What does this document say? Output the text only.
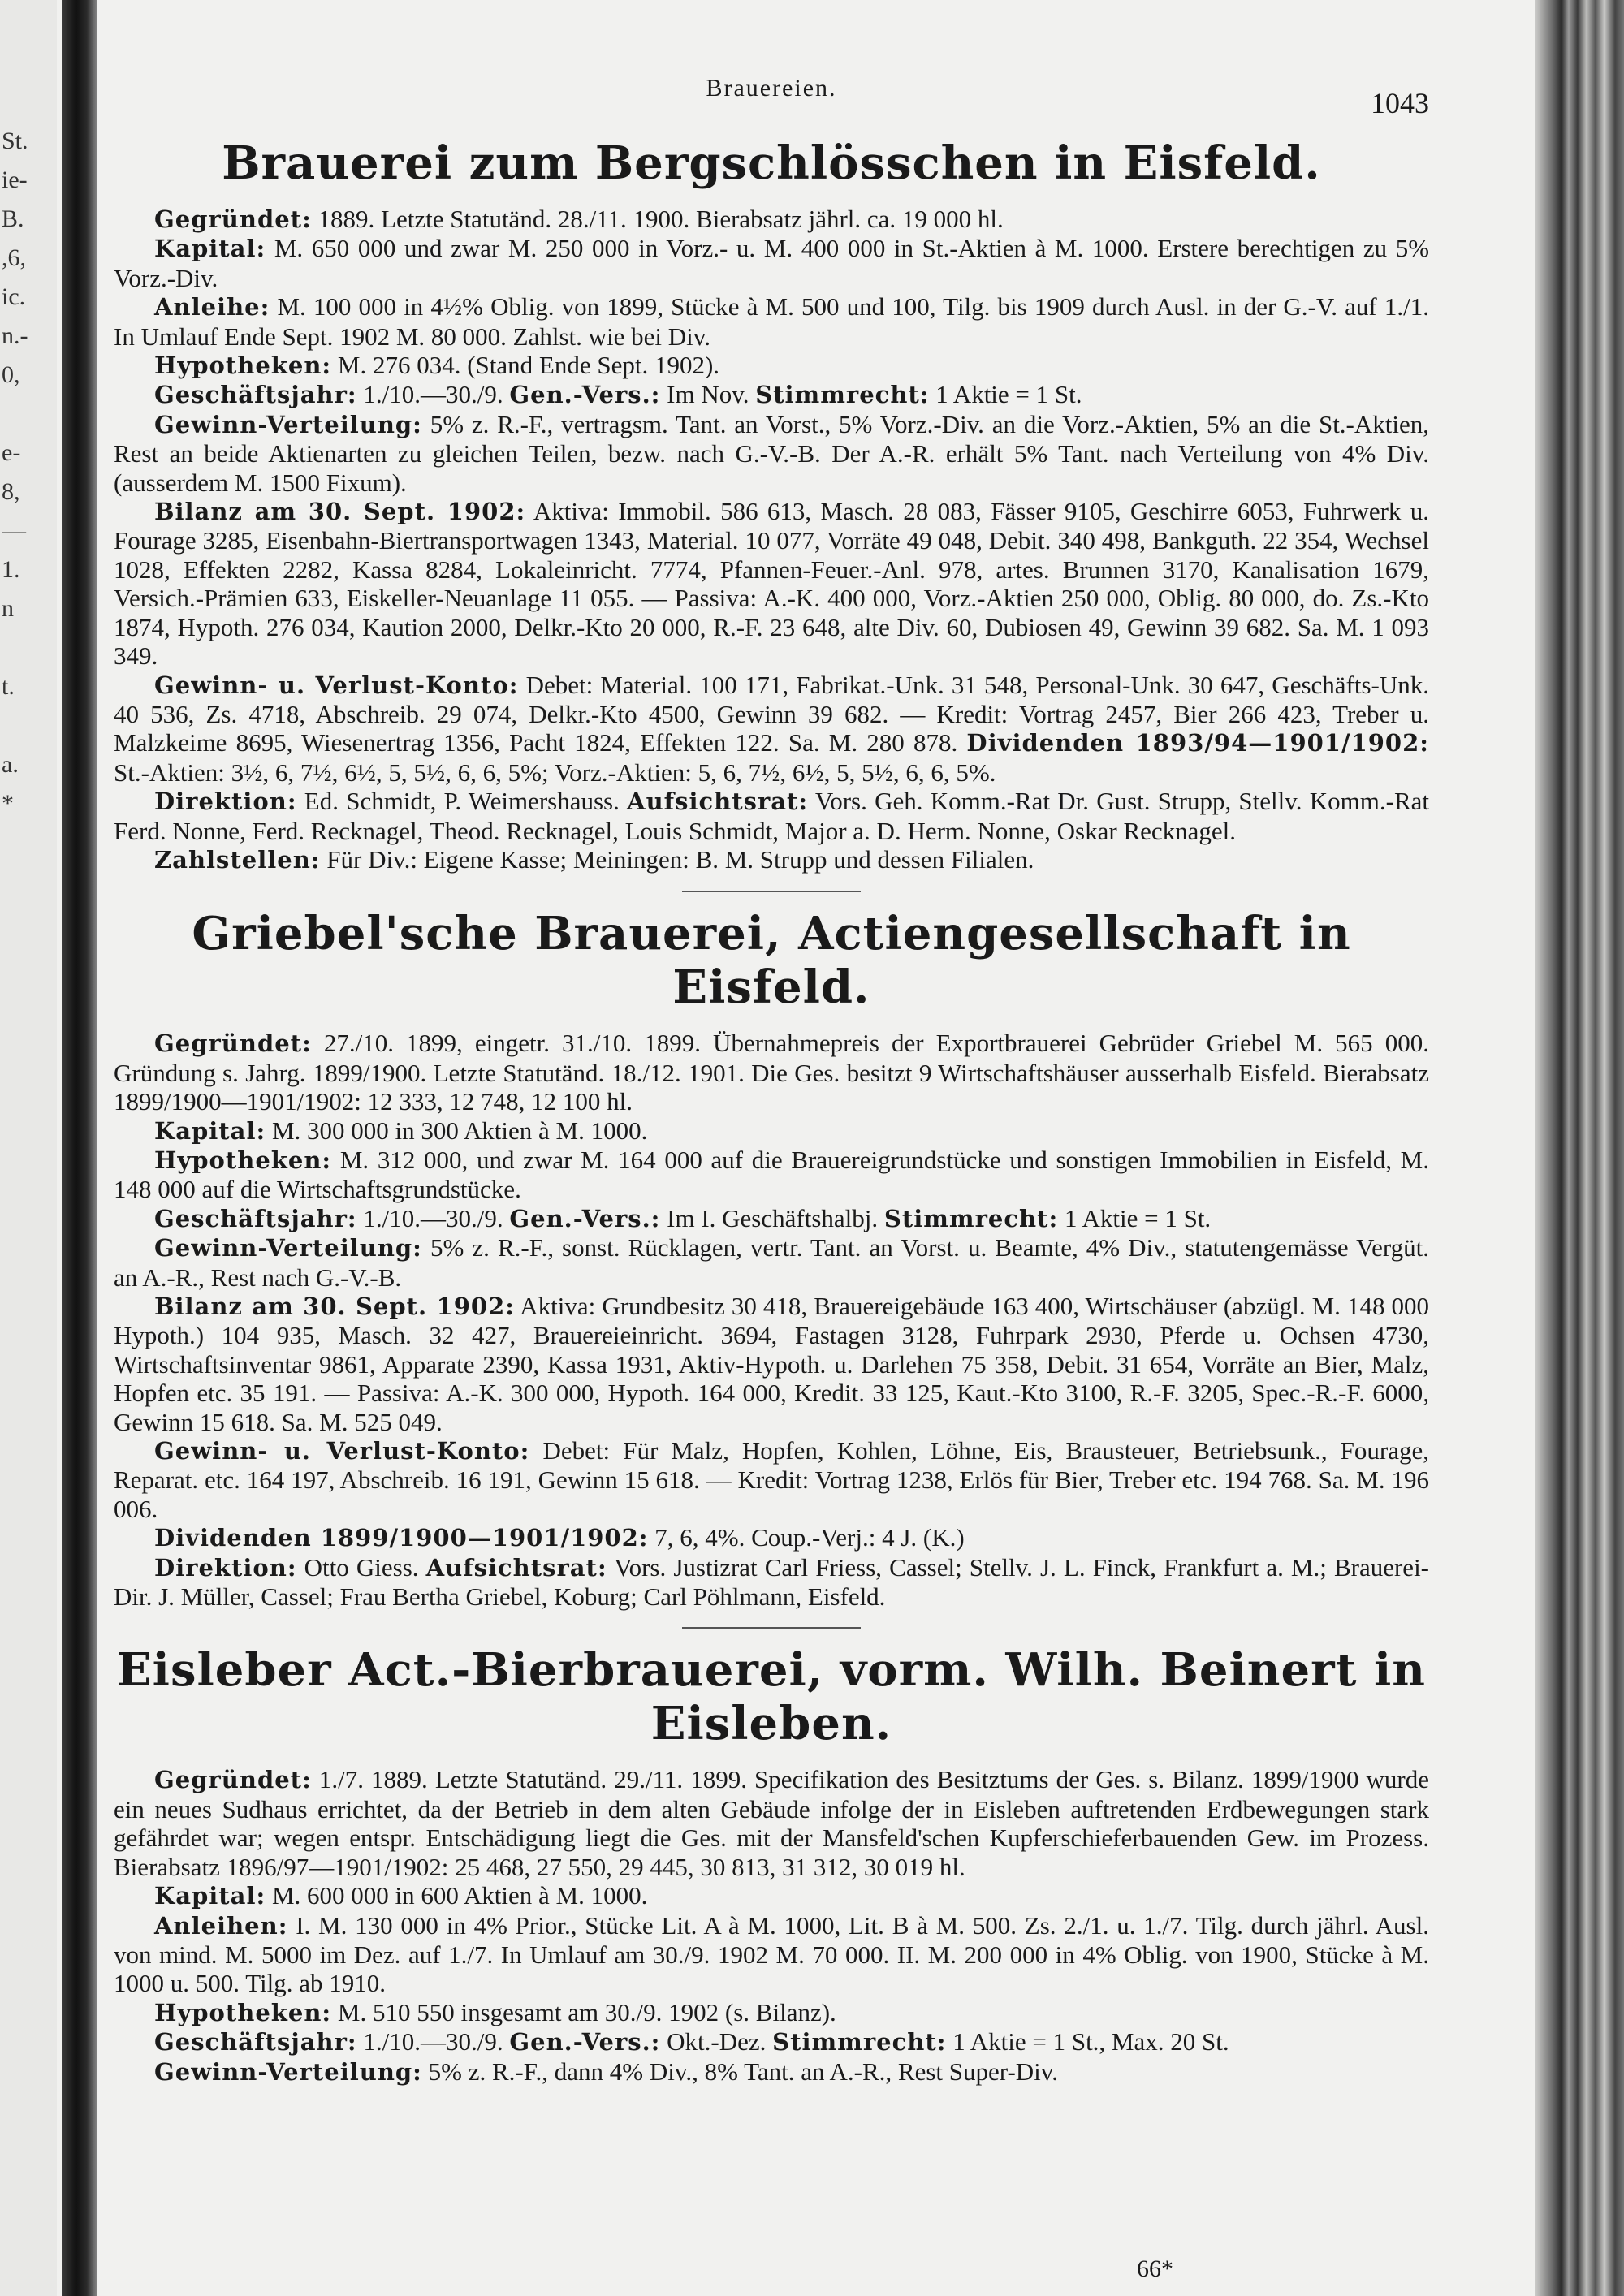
St.
ie-
B.
,6,
ic.
n.-
0,
e-
8,
—
1.
n
t.
a.
*
Brauereien.	1043
Brauerei zum Bergschlösschen in Eisfeld.

Gegründet: 1889. Letzte Statutänd. 28./11. 1900. Bierabsatz jährl. ca. 19 000 hl.

Kapital: M. 650 000 und zwar M. 250 000 in Vorz.- u. M. 400 000 in St.-Aktien à M. 1000. Erstere berechtigen zu 5% Vorz.-Div.

Anleihe: M. 100 000 in 4½% Oblig. von 1899, Stücke à M. 500 und 100, Tilg. bis 1909 durch Ausl. in der G.-V. auf 1./1. In Umlauf Ende Sept. 1902 M. 80 000. Zahlst. wie bei Div.

Hypotheken: M. 276 034. (Stand Ende Sept. 1902).

Geschäftsjahr: 1./10.—30./9. Gen.-Vers.: Im Nov. Stimmrecht: 1 Aktie = 1 St.

Gewinn-Verteilung: 5% z. R.-F., vertragsm. Tant. an Vorst., 5% Vorz.-Div. an die Vorz.-Aktien, 5% an die St.-Aktien, Rest an beide Aktienarten zu gleichen Teilen, bezw. nach G.-V.-B. Der A.-R. erhält 5% Tant. nach Verteilung von 4% Div. (ausserdem M. 1500 Fixum).

Bilanz am 30. Sept. 1902: Aktiva: Immobil. 586 613, Masch. 28 083, Fässer 9105, Geschirre 6053, Fuhrwerk u. Fourage 3285, Eisenbahn-Biertransportwagen 1343, Material. 10 077, Vorräte 49 048, Debit. 340 498, Bankguth. 22 354, Wechsel 1028, Effekten 2282, Kassa 8284, Lokaleinricht. 7774, Pfannen-Feuer.-Anl. 978, artes. Brunnen 3170, Kanalisation 1679, Versich.-Prämien 633, Eiskeller-Neuanlage 11 055. — Passiva: A.-K. 400 000, Vorz.-Aktien 250 000, Oblig. 80 000, do. Zs.-Kto 1874, Hypoth. 276 034, Kaution 2000, Delkr.-Kto 20 000, R.-F. 23 648, alte Div. 60, Dubiosen 49, Gewinn 39 682. Sa. M. 1 093 349.

Gewinn- u. Verlust-Konto: Debet: Material. 100 171, Fabrikat.-Unk. 31 548, Personal-Unk. 30 647, Geschäfts-Unk. 40 536, Zs. 4718, Abschreib. 29 074, Delkr.-Kto 4500, Gewinn 39 682. — Kredit: Vortrag 2457, Bier 266 423, Treber u. Malzkeime 8695, Wiesenertrag 1356, Pacht 1824, Effekten 122. Sa. M. 280 878. Dividenden 1893/94—1901/1902: St.-Aktien: 3½, 6, 7½, 6½, 5, 5½, 6, 6, 5%; Vorz.-Aktien: 5, 6, 7½, 6½, 5, 5½, 6, 6, 5%.

Direktion: Ed. Schmidt, P. Weimershauss. Aufsichtsrat: Vors. Geh. Komm.-Rat Dr. Gust. Strupp, Stellv. Komm.-Rat Ferd. Nonne, Ferd. Recknagel, Theod. Recknagel, Louis Schmidt, Major a. D. Herm. Nonne, Oskar Recknagel.

Zahlstellen: Für Div.: Eigene Kasse; Meiningen: B. M. Strupp und dessen Filialen.

Griebel'sche Brauerei, Actiengesellschaft in Eisfeld.

Gegründet: 27./10. 1899, eingetr. 31./10. 1899. Übernahmepreis der Exportbrauerei Gebrüder Griebel M. 565 000. Gründung s. Jahrg. 1899/1900. Letzte Statutänd. 18./12. 1901. Die Ges. besitzt 9 Wirtschaftshäuser ausserhalb Eisfeld. Bierabsatz 1899/1900—1901/1902: 12 333, 12 748, 12 100 hl.

Kapital: M. 300 000 in 300 Aktien à M. 1000.

Hypotheken: M. 312 000, und zwar M. 164 000 auf die Brauereigrundstücke und sonstigen Immobilien in Eisfeld, M. 148 000 auf die Wirtschaftsgrundstücke.

Geschäftsjahr: 1./10.—30./9. Gen.-Vers.: Im I. Geschäftshalbj. Stimmrecht: 1 Aktie = 1 St.

Gewinn-Verteilung: 5% z. R.-F., sonst. Rücklagen, vertr. Tant. an Vorst. u. Beamte, 4% Div., statutengemässe Vergüt. an A.-R., Rest nach G.-V.-B.

Bilanz am 30. Sept. 1902: Aktiva: Grundbesitz 30 418, Brauereigebäude 163 400, Wirtschäuser (abzügl. M. 148 000 Hypoth.) 104 935, Masch. 32 427, Brauereieinricht. 3694, Fastagen 3128, Fuhrpark 2930, Pferde u. Ochsen 4730, Wirtschaftsinventar 9861, Apparate 2390, Kassa 1931, Aktiv-Hypoth. u. Darlehen 75 358, Debit. 31 654, Vorräte an Bier, Malz, Hopfen etc. 35 191. — Passiva: A.-K. 300 000, Hypoth. 164 000, Kredit. 33 125, Kaut.-Kto 3100, R.-F. 3205, Spec.-R.-F. 6000, Gewinn 15 618. Sa. M. 525 049.

Gewinn- u. Verlust-Konto: Debet: Für Malz, Hopfen, Kohlen, Löhne, Eis, Brausteuer, Betriebsunk., Fourage, Reparat. etc. 164 197, Abschreib. 16 191, Gewinn 15 618. — Kredit: Vortrag 1238, Erlös für Bier, Treber etc. 194 768. Sa. M. 196 006.

Dividenden 1899/1900—1901/1902: 7, 6, 4%. Coup.-Verj.: 4 J. (K.)

Direktion: Otto Giess. Aufsichtsrat: Vors. Justizrat Carl Friess, Cassel; Stellv. J. L. Finck, Frankfurt a. M.; Brauerei-Dir. J. Müller, Cassel; Frau Bertha Griebel, Koburg; Carl Pöhlmann, Eisfeld.

Eisleber Act.-Bierbrauerei, vorm. Wilh. Beinert in Eisleben.

Gegründet: 1./7. 1889. Letzte Statutänd. 29./11. 1899. Specifikation des Besitztums der Ges. s. Bilanz. 1899/1900 wurde ein neues Sudhaus errichtet, da der Betrieb in dem alten Gebäude infolge der in Eisleben auftretenden Erdbewegungen stark gefährdet war; wegen entspr. Entschädigung liegt die Ges. mit der Mansfeld'schen Kupferschieferbauenden Gew. im Prozess. Bierabsatz 1896/97—1901/1902: 25 468, 27 550, 29 445, 30 813, 31 312, 30 019 hl.

Kapital: M. 600 000 in 600 Aktien à M. 1000.

Anleihen: I. M. 130 000 in 4% Prior., Stücke Lit. A à M. 1000, Lit. B à M. 500. Zs. 2./1. u. 1./7. Tilg. durch jährl. Ausl. von mind. M. 5000 im Dez. auf 1./7. In Umlauf am 30./9. 1902 M. 70 000. II. M. 200 000 in 4% Oblig. von 1900, Stücke à M. 1000 u. 500. Tilg. ab 1910.

Hypotheken: M. 510 550 insgesamt am 30./9. 1902 (s. Bilanz).

Geschäftsjahr: 1./10.—30./9. Gen.-Vers.: Okt.-Dez. Stimmrecht: 1 Aktie = 1 St., Max. 20 St.

Gewinn-Verteilung: 5% z. R.-F., dann 4% Div., 8% Tant. an A.-R., Rest Super-Div.

66*
